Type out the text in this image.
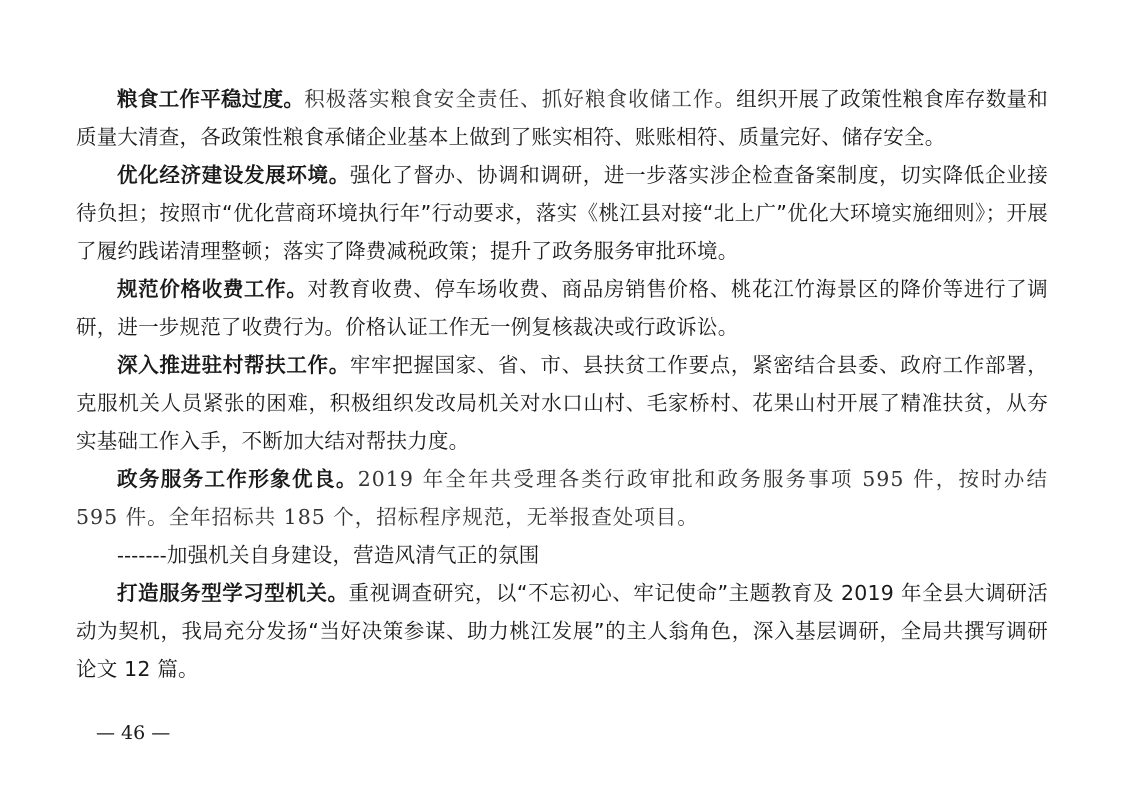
粮食工作平稳过度。积极落实粮食安全责任、抓好粮食收储工作。组织开展了政策性粮食库存数量和质量大清查，各政策性粮食承储企业基本上做到了账实相符、账账相符、质量完好、储存安全。

优化经济建设发展环境。强化了督办、协调和调研，进一步落实涉企检查备案制度，切实降低企业接待负担；按照市“优化营商环境执行年”行动要求，落实《桃江县对接“北上广”优化大环境实施细则》；开展了履约践诺清理整顿；落实了降费减税政策；提升了政务服务审批环境。

规范价格收费工作。对教育收费、停车场收费、商品房销售价格、桃花江竹海景区的降价等进行了调研，进一步规范了收费行为。价格认证工作无一例复核裁决或行政诉讼。

深入推进驻村帮扶工作。牢牢把握国家、省、市、县扶贫工作要点，紧密结合县委、政府工作部署，克服机关人员紧张的困难，积极组织发改局机关对水口山村、毛家桥村、花果山村开展了精准扶贫，从夯实基础工作入手，不断加大结对帮扶力度。

政务服务工作形象优良。2019 年全年共受理各类行政审批和政务服务事项 595 件，按时办结 595 件。全年招标共 185 个，招标程序规范，无举报查处项目。

-------加强机关自身建设，营造风清气正的氛围

打造服务型学习型机关。重视调查研究，以“不忘初心、牢记使命”主题教育及 2019 年全县大调研活动为契机，我局充分发扬“当好决策参谋、助力桃江发展”的主人翁角色，深入基层调研，全局共撰写调研论文 12 篇。

— 46 —
